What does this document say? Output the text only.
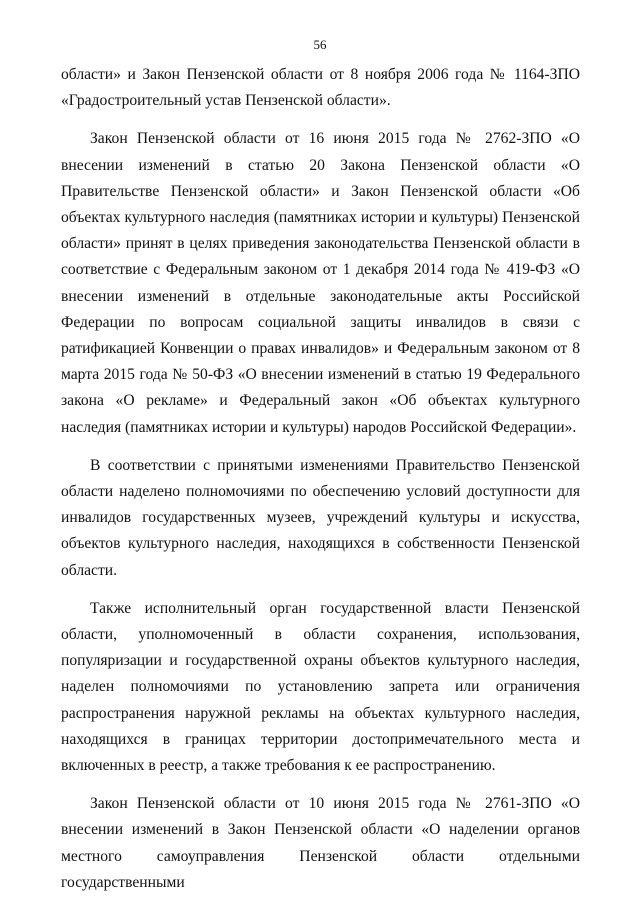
56

области» и Закон Пензенской области от 8 ноября 2006 года № 1164-ЗПО «Градостроительный устав Пензенской области».

Закон Пензенской области от 16 июня 2015 года № 2762-ЗПО «О внесении изменений в статью 20 Закона Пензенской области «О Правительстве Пензенской области» и Закон Пензенской области «Об объектах культурного наследия (памятниках истории и культуры) Пензенской области» принят в целях приведения законодательства Пензенской области в соответствие с Федеральным законом от 1 декабря 2014 года № 419-ФЗ «О внесении изменений в отдельные законодательные акты Российской Федерации по вопросам социальной защиты инвалидов в связи с ратификацией Конвенции о правах инвалидов» и Федеральным законом от 8 марта 2015 года № 50-ФЗ «О внесении изменений в статью 19 Федерального закона «О рекламе» и Федеральный закон «Об объектах культурного наследия (памятниках истории и культуры) народов Российской Федерации».

В соответствии с принятыми изменениями Правительство Пензенской области наделено полномочиями по обеспечению условий доступности для инвалидов государственных музеев, учреждений культуры и искусства, объектов культурного наследия, находящихся в собственности Пензенской области.

Также исполнительный орган государственной власти Пензенской области, уполномоченный в области сохранения, использования, популяризации и государственной охраны объектов культурного наследия, наделен полномочиями по установлению запрета или ограничения распространения наружной рекламы на объектах культурного наследия, находящихся в границах территории достопримечательного места и включенных в реестр, а также требования к ее распространению.

Закон Пензенской области от 10 июня 2015 года № 2761-ЗПО «О внесении изменений в Закон Пензенской области «О наделении органов местного самоуправления Пензенской области отдельными государственными
